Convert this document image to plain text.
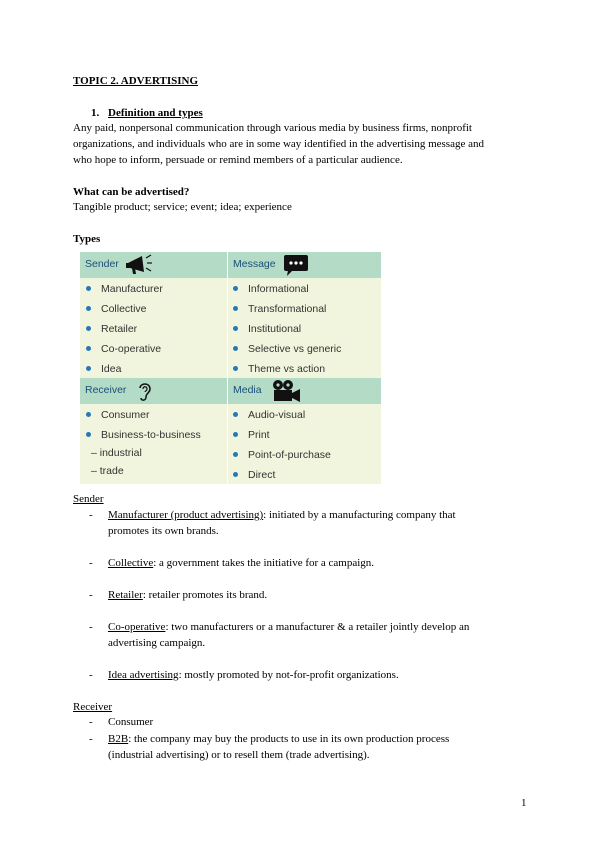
TOPIC 2. ADVERTISING
1. Definition and types
Any paid, nonpersonal communication through various media by business firms, nonprofit
organizations, and individuals who are in some way identified in the advertising message and
who hope to inform, persuade or remind members of a particular audience.
What can be advertised?
Tangible product; service; event; idea; experience
Types
Sender	Message
Manufacturer
Collective
Retailer
Co-operative
Idea
Informational
Transformational
Institutional
Selective vs generic
Theme vs action
Receiver	Media
Consumer
Business-to-business
– industrial
– trade
Audio-visual
Print
Point-of-purchase
Direct
Sender
- Manufacturer (product advertising): initiated by a manufacturing company that
promotes its own brands.
- Collective: a government takes the initiative for a campaign.
- Retailer: retailer promotes its brand.
- Co-operative: two manufacturers or a manufacturer & a retailer jointly develop an
advertising campaign.
- Idea advertising: mostly promoted by not-for-profit organizations.
Receiver
- Consumer
- B2B: the company may buy the products to use in its own production process
(industrial advertising) or to resell them (trade advertising).
1
